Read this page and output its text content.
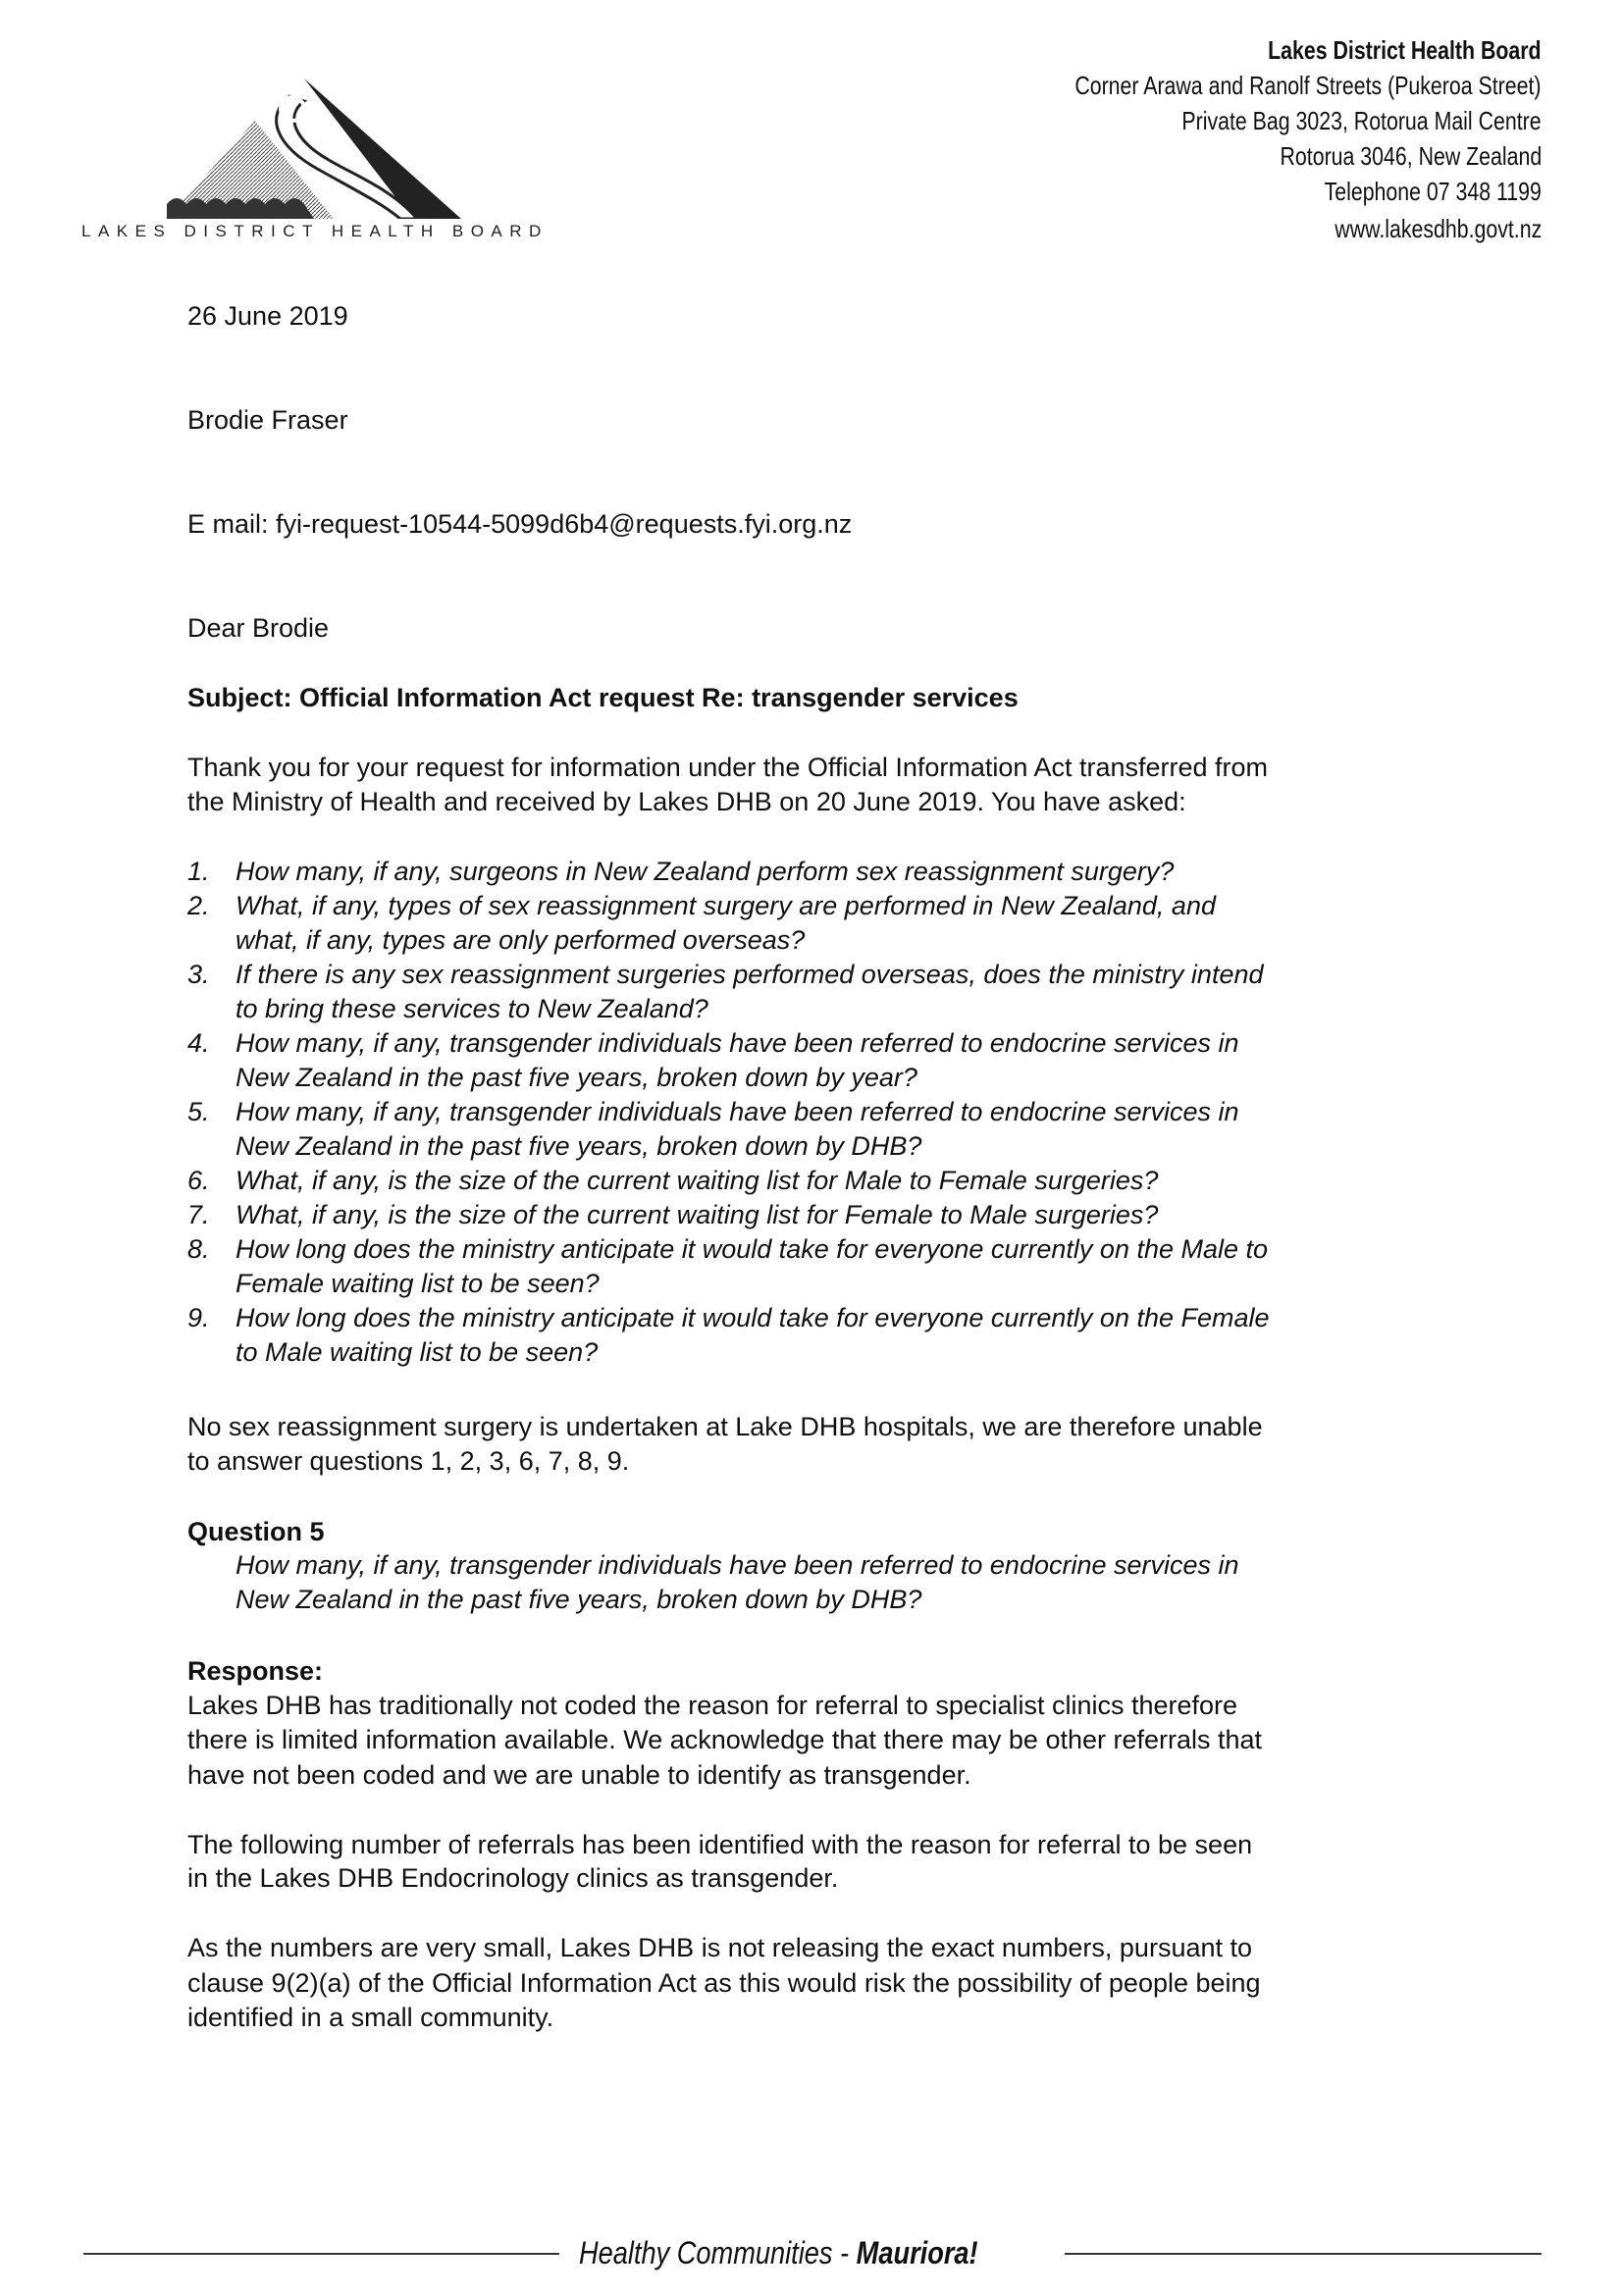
LAKES DISTRICT HEALTH BOARD
Lakes District Health Board
Corner Arawa and Ranolf Streets (Pukeroa Street)
Private Bag 3023, Rotorua Mail Centre
Rotorua 3046, New Zealand
Telephone 07 348 1199
www.lakesdhb.govt.nz
26 June 2019
Brodie Fraser
E mail: fyi-request-10544-5099d6b4@requests.fyi.org.nz
Dear Brodie
Subject: Official Information Act request Re: transgender services
Thank you for your request for information under the Official Information Act transferred from
the Ministry of Health and received by Lakes DHB on 20 June 2019. You have asked:
1. How many, if any, surgeons in New Zealand perform sex reassignment surgery?
2. What, if any, types of sex reassignment surgery are performed in New Zealand, and
what, if any, types are only performed overseas?
3. If there is any sex reassignment surgeries performed overseas, does the ministry intend
to bring these services to New Zealand?
4. How many, if any, transgender individuals have been referred to endocrine services in
New Zealand in the past five years, broken down by year?
5. How many, if any, transgender individuals have been referred to endocrine services in
New Zealand in the past five years, broken down by DHB?
6. What, if any, is the size of the current waiting list for Male to Female surgeries?
7. What, if any, is the size of the current waiting list for Female to Male surgeries?
8. How long does the ministry anticipate it would take for everyone currently on the Male to
Female waiting list to be seen?
9. How long does the ministry anticipate it would take for everyone currently on the Female
to Male waiting list to be seen?
No sex reassignment surgery is undertaken at Lake DHB hospitals, we are therefore unable
to answer questions 1, 2, 3, 6, 7, 8, 9.
Question 5
How many, if any, transgender individuals have been referred to endocrine services in
New Zealand in the past five years, broken down by DHB?
Response:
Lakes DHB has traditionally not coded the reason for referral to specialist clinics therefore
there is limited information available. We acknowledge that there may be other referrals that
have not been coded and we are unable to identify as transgender.
The following number of referrals has been identified with the reason for referral to be seen
in the Lakes DHB Endocrinology clinics as transgender.
As the numbers are very small, Lakes DHB is not releasing the exact numbers, pursuant to
clause 9(2)(a) of the Official Information Act as this would risk the possibility of people being
identified in a small community.
Healthy Communities - Mauriora!
